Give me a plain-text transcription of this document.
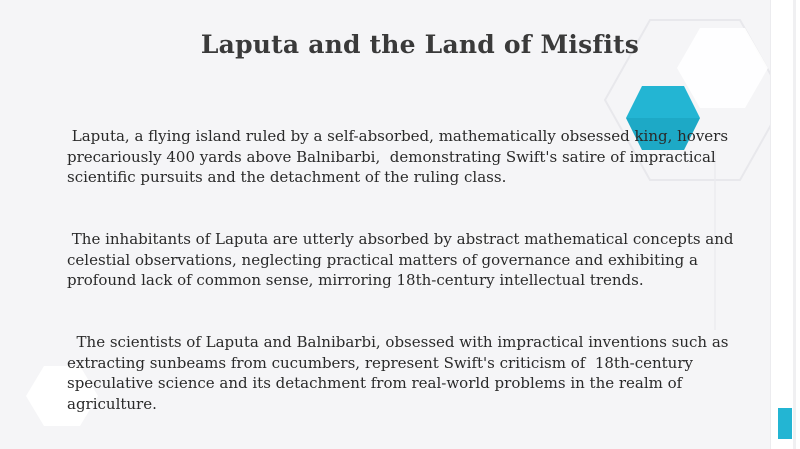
Laputa and the Land of Misfits

Laputa, a flying island ruled by a self-absorbed, mathematically obsessed king, hovers precariously 400 yards above Balnibarbi,  demonstrating Swift's satire of impractical scientific pursuits and the detachment of the ruling class.

The inhabitants of Laputa are utterly absorbed by abstract mathematical concepts and celestial observations, neglecting practical matters of governance and exhibiting a profound lack of common sense, mirroring 18th-century intellectual trends.

The scientists of Laputa and Balnibarbi, obsessed with impractical inventions such as extracting sunbeams from cucumbers, represent Swift's criticism of  18th-century speculative science and its detachment from real-world problems in the realm of agriculture.
